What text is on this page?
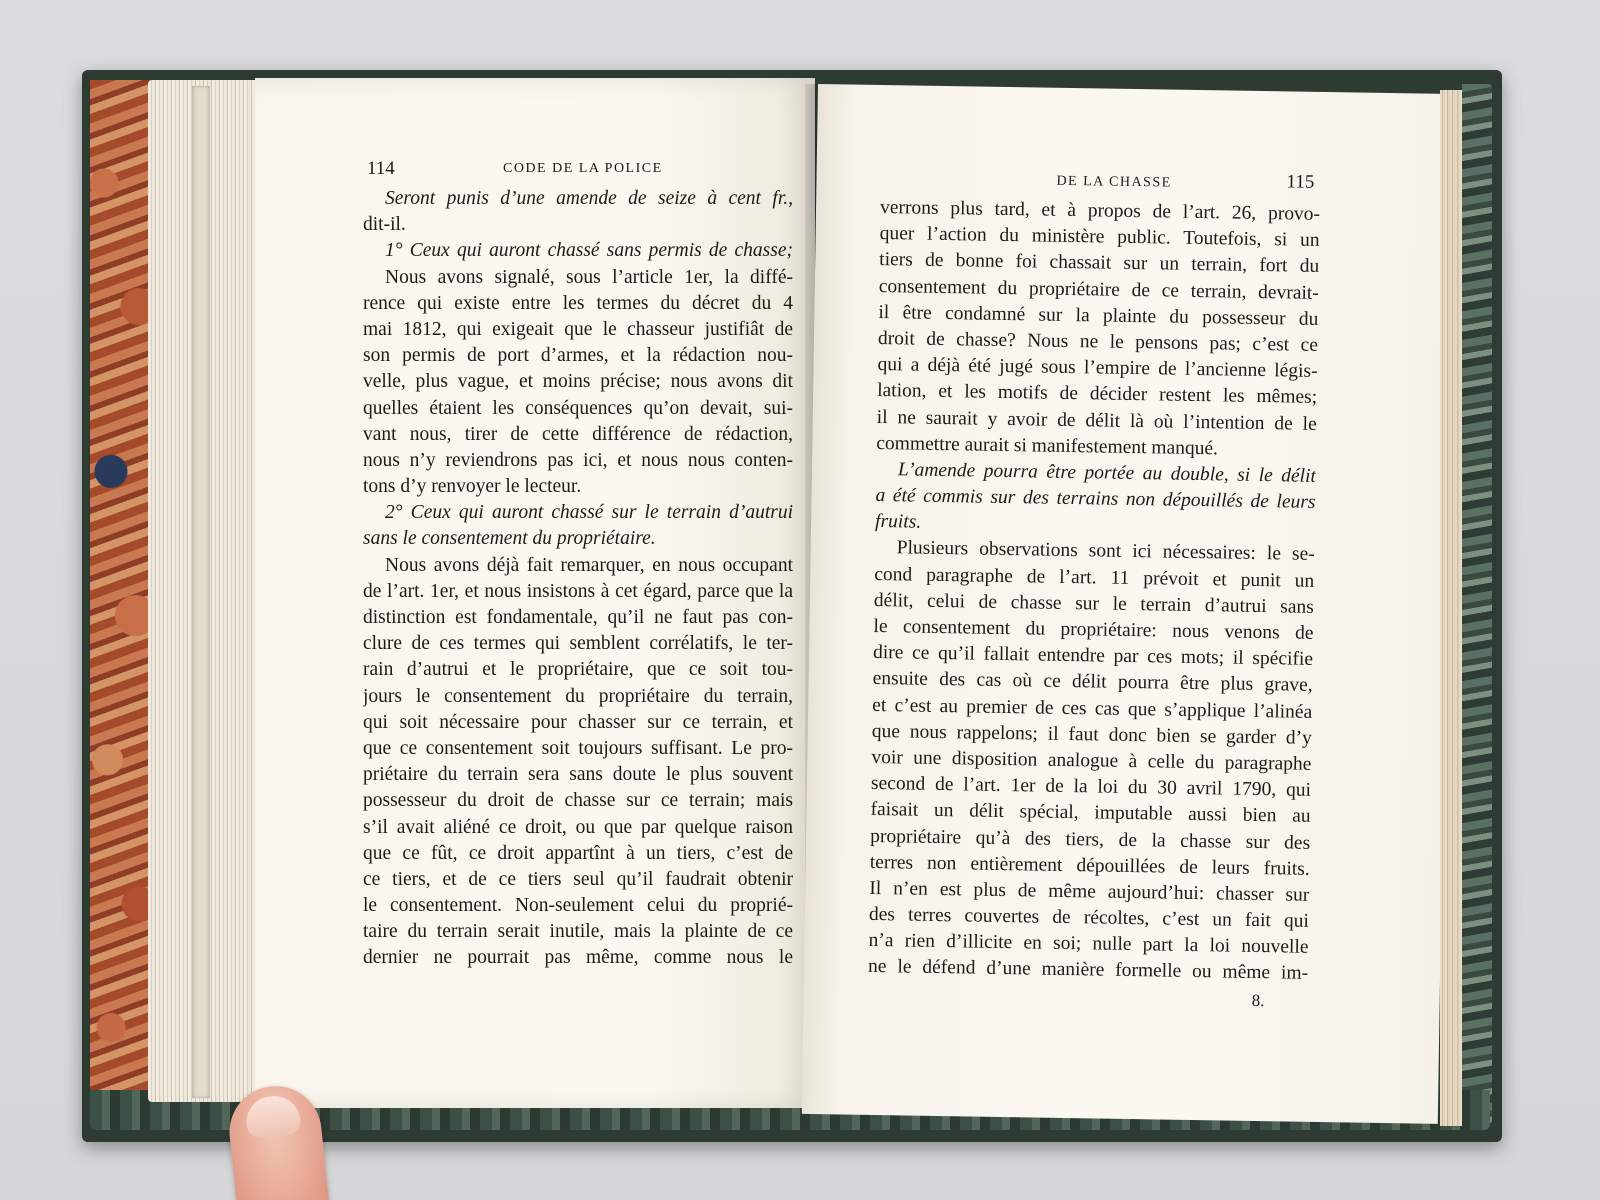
114	CODE DE LA POLICE
Seront punis d’une amende de seize à cent fr.,
dit-il.
1° Ceux qui auront chassé sans permis de chasse;
Nous avons signalé, sous l’article 1er, la diffé-
rence qui existe entre les termes du décret du 4
mai 1812, qui exigeait que le chasseur justifiât de
son permis de port d’armes, et la rédaction nou-
velle, plus vague, et moins précise; nous avons dit
quelles étaient les conséquences qu’on devait, sui-
vant nous, tirer de cette différence de rédaction,
nous n’y reviendrons pas ici, et nous nous conten-
tons d’y renvoyer le lecteur.
2° Ceux qui auront chassé sur le terrain d’autrui
sans le consentement du propriétaire.
Nous avons déjà fait remarquer, en nous occupant
de l’art. 1er, et nous insistons à cet égard, parce que la
distinction est fondamentale, qu’il ne faut pas con-
clure de ces termes qui semblent corrélatifs, le ter-
rain d’autrui et le propriétaire, que ce soit tou-
jours le consentement du propriétaire du terrain,
qui soit nécessaire pour chasser sur ce terrain, et
que ce consentement soit toujours suffisant. Le pro-
priétaire du terrain sera sans doute le plus souvent
possesseur du droit de chasse sur ce terrain; mais
s’il avait aliéné ce droit, ou que par quelque raison
que ce fût, ce droit appartînt à un tiers, c’est de
ce tiers, et de ce tiers seul qu’il faudrait obtenir
le consentement. Non-seulement celui du proprié-
taire du terrain serait inutile, mais la plainte de ce
dernier ne pourrait pas même, comme nous le
DE LA CHASSE	115
verrons plus tard, et à propos de l’art. 26, provo-
quer l’action du ministère public. Toutefois, si un
tiers de bonne foi chassait sur un terrain, fort du
consentement du propriétaire de ce terrain, devrait-
il être condamné sur la plainte du possesseur du
droit de chasse? Nous ne le pensons pas; c’est ce
qui a déjà été jugé sous l’empire de l’ancienne légis-
lation, et les motifs de décider restent les mêmes;
il ne saurait y avoir de délit là où l’intention de le
commettre aurait si manifestement manqué.
L’amende pourra être portée au double, si le délit
a été commis sur des terrains non dépouillés de leurs
fruits.
Plusieurs observations sont ici nécessaires: le se-
cond paragraphe de l’art. 11 prévoit et punit un
délit, celui de chasse sur le terrain d’autrui sans
le consentement du propriétaire: nous venons de
dire ce qu’il fallait entendre par ces mots; il spécifie
ensuite des cas où ce délit pourra être plus grave,
et c’est au premier de ces cas que s’applique l’alinéa
que nous rappelons; il faut donc bien se garder d’y
voir une disposition analogue à celle du paragraphe
second de l’art. 1er de la loi du 30 avril 1790, qui
faisait un délit spécial, imputable aussi bien au
propriétaire qu’à des tiers, de la chasse sur des
terres non entièrement dépouillées de leurs fruits.
Il n’en est plus de même aujourd’hui: chasser sur
des terres couvertes de récoltes, c’est un fait qui
n’a rien d’illicite en soi; nulle part la loi nouvelle
ne le défend d’une manière formelle ou même im-
8.
